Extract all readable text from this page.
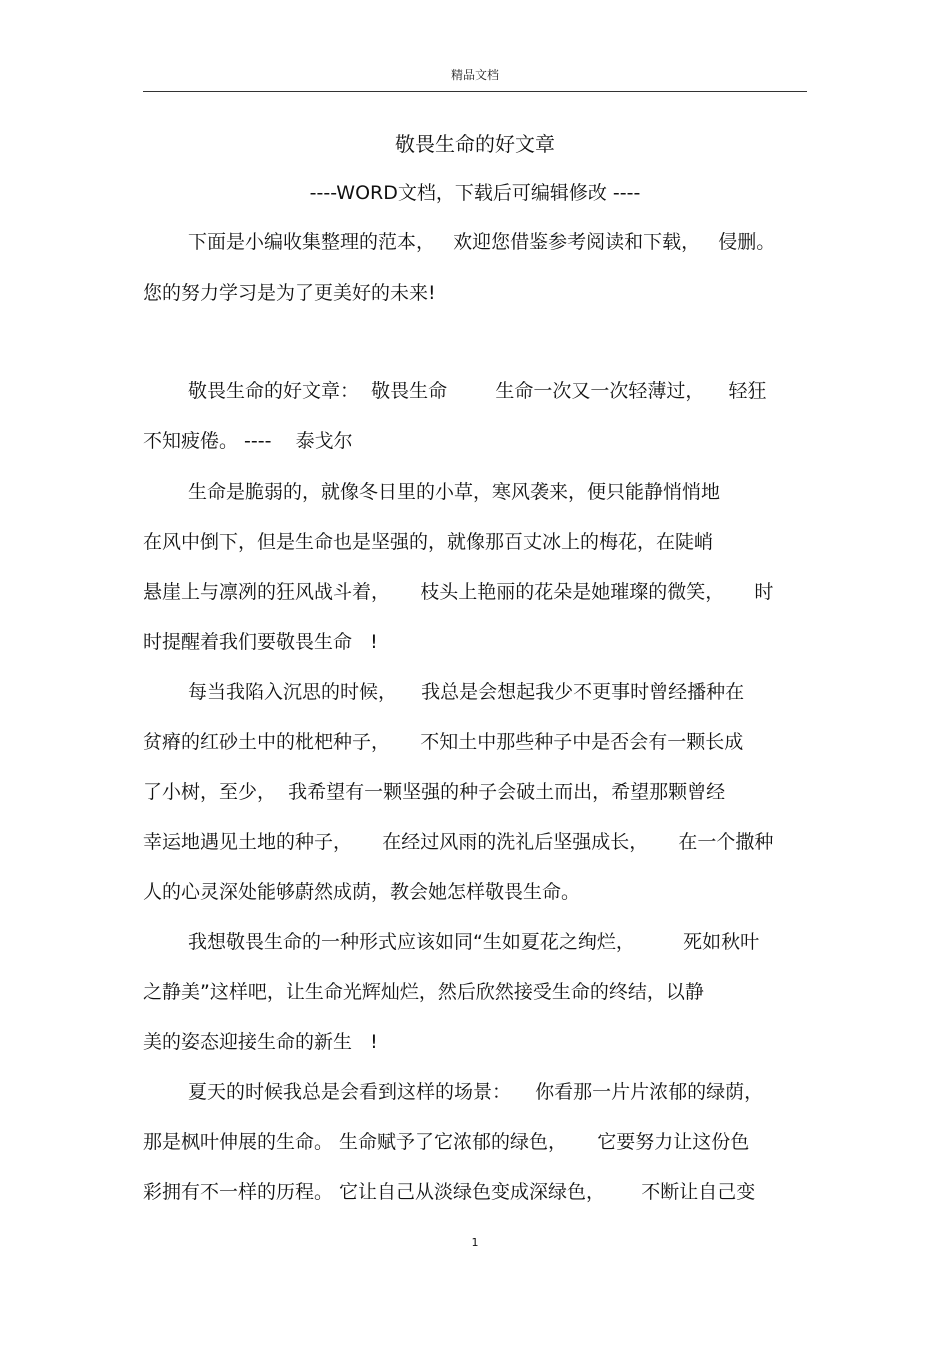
精品文档
敬畏生命的好文章
----WORD文档，下载后可编辑修改 ----
下面是小编收集整理的范本，   欢迎您借鉴参考阅读和下载，   侵删。
您的努力学习是为了更美好的未来!
敬畏生命的好文章：  敬畏生命        生命一次又一次轻薄过，    轻狂
不知疲倦。 ----    泰戈尔
生命是脆弱的，就像冬日里的小草，寒风袭来，便只能静悄悄地
在风中倒下，但是生命也是坚强的，就像那百丈冰上的梅花，在陡峭
悬崖上与凛冽的狂风战斗着，     枝头上艳丽的花朵是她璀璨的微笑，     时
时提醒着我们要敬畏生命   !
每当我陷入沉思的时候，    我总是会想起我少不更事时曾经播种在
贫瘠的红砂土中的枇杷种子，     不知土中那些种子中是否会有一颗长成
了小树，至少，  我希望有一颗坚强的种子会破土而出，希望那颗曾经
幸运地遇见土地的种子，     在经过风雨的洗礼后坚强成长，     在一个撒种
人的心灵深处能够蔚然成荫，教会她怎样敬畏生命。
我想敬畏生命的一种形式应该如同“生如夏花之绚烂，        死如秋叶
之静美”这样吧，让生命光辉灿烂，然后欣然接受生命的终结，以静
美的姿态迎接生命的新生   !
夏天的时候我总是会看到这样的场景：    你看那一片片浓郁的绿荫，
那是枫叶伸展的生命。 生命赋予了它浓郁的绿色，     它要努力让这份色
彩拥有不一样的历程。 它让自己从淡绿色变成深绿色，      不断让自己变
1
